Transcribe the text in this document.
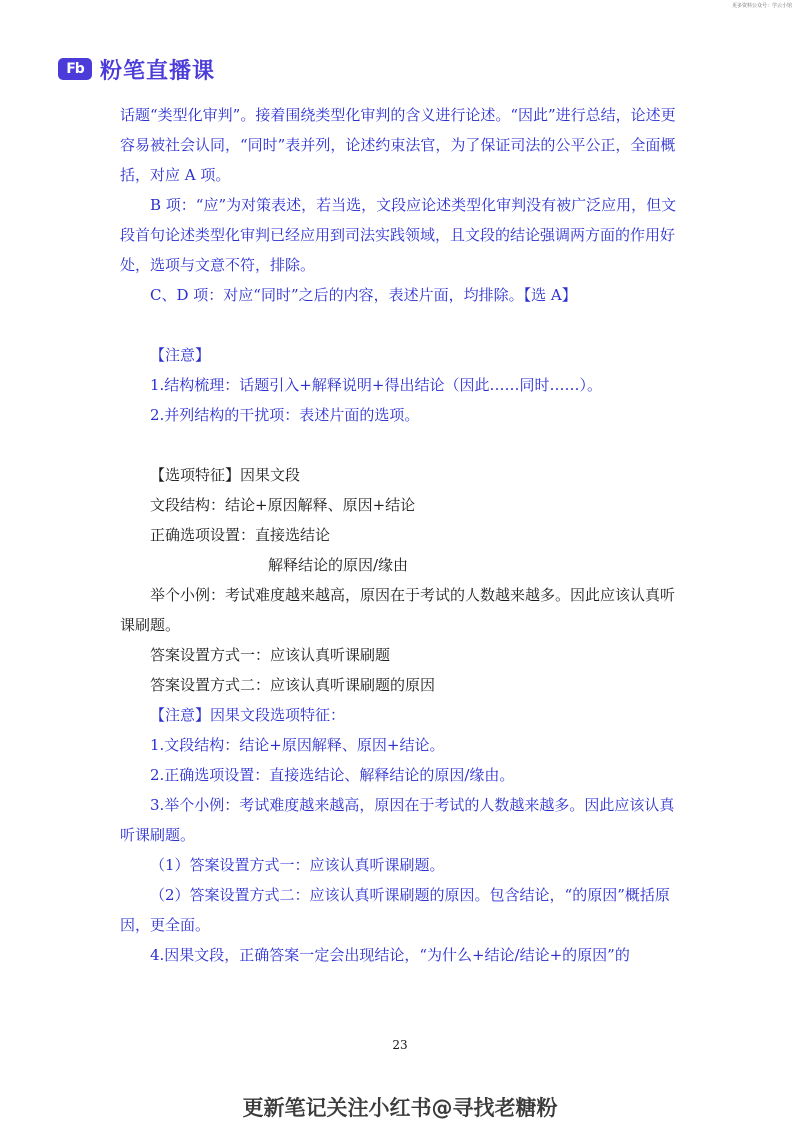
更多资料公众号：学云小馆
Fb 粉笔直播课

话题“类型化审判”。接着围绕类型化审判的含义进行论述。“因此”进行总结，论述更容易被社会认同，“同时”表并列，论述约束法官，为了保证司法的公平公正，全面概括，对应 A 项。

B 项：“应”为对策表述，若当选，文段应论述类型化审判没有被广泛应用，但文段首句论述类型化审判已经应用到司法实践领域，且文段的结论强调两方面的作用好处，选项与文意不符，排除。

C、D 项：对应“同时”之后的内容，表述片面，均排除。【选 A】

【注意】

1.结构梳理：话题引入+解释说明+得出结论（因此……同时……）。

2.并列结构的干扰项：表述片面的选项。

【选项特征】因果文段

文段结构：结论+原因解释、原因+结论

正确选项设置：直接选结论

解释结论的原因/缘由

举个小例：考试难度越来越高，原因在于考试的人数越来越多。因此应该认真听课刷题。

答案设置方式一：应该认真听课刷题

答案设置方式二：应该认真听课刷题的原因

【注意】因果文段选项特征：

1.文段结构：结论+原因解释、原因+结论。

2.正确选项设置：直接选结论、解释结论的原因/缘由。

3.举个小例：考试难度越来越高，原因在于考试的人数越来越多。因此应该认真听课刷题。

（1）答案设置方式一：应该认真听课刷题。

（2）答案设置方式二：应该认真听课刷题的原因。包含结论，“的原因”概括原因，更全面。

4.因果文段，正确答案一定会出现结论，“为什么+结论/结论+的原因”的

23
更新笔记关注小红书@寻找老糖粉
